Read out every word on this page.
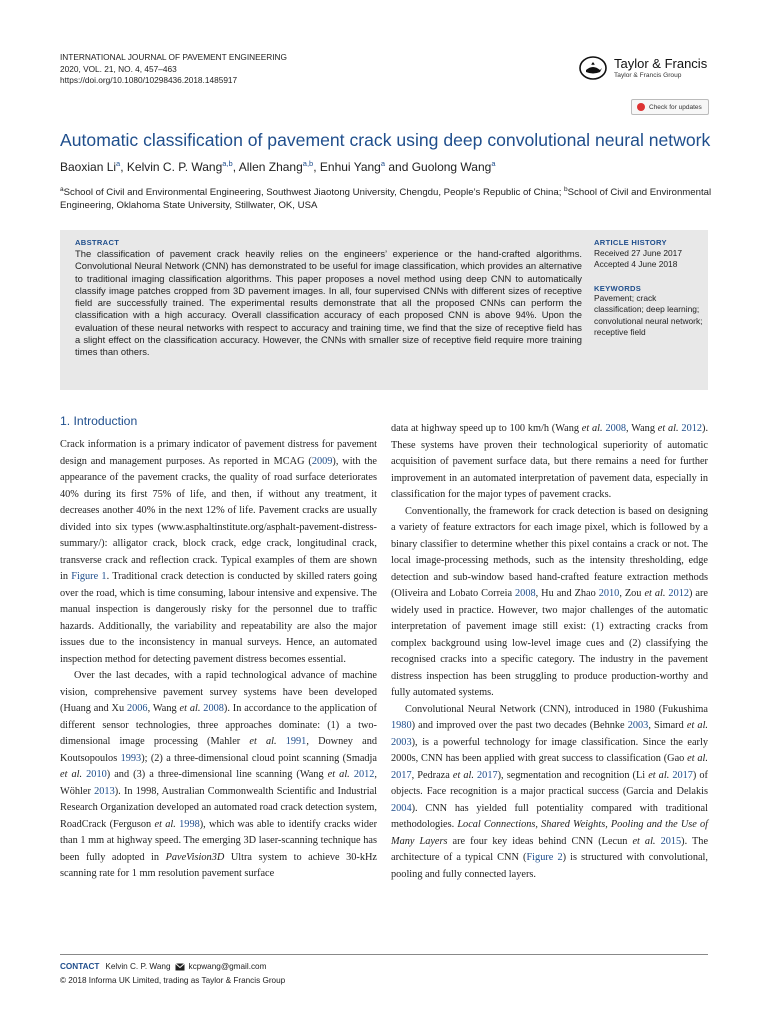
INTERNATIONAL JOURNAL OF PAVEMENT ENGINEERING
2020, VOL. 21, NO. 4, 457–463
https://doi.org/10.1080/10298436.2018.1485917
Taylor & Francis
Taylor & Francis Group
Check for updates
Automatic classification of pavement crack using deep convolutional neural network
Baoxian Li$^a$, Kelvin C. P. Wang$^{a,b}$, Allen Zhang$^{a,b}$, Enhui Yang$^a$ and Guolong Wang$^a$
$^a$School of Civil and Environmental Engineering, Southwest Jiaotong University, Chengdu, People’s Republic of China; $^b$School of Civil and Environmental Engineering, Oklahoma State University, Stillwater, OK, USA
ABSTRACT
The classification of pavement crack heavily relies on the engineers’ experience or the hand-crafted algorithms. Convolutional Neural Network (CNN) has demonstrated to be useful for image classification, which provides an alternative to traditional imaging classification algorithms. This paper proposes a novel method using deep CNN to automatically classify image patches cropped from 3D pavement images. In all, four supervised CNNs with different sizes of receptive field are successfully trained. The experimental results demonstrate that all the proposed CNNs can perform the classification with a high accuracy. Overall classification accuracy of each proposed CNN is above 94%. Upon the evaluation of these neural networks with respect to accuracy and training time, we find that the size of receptive field has a slight effect on the classification accuracy. However, the CNNs with smaller size of receptive field require more training times than others.
ARTICLE HISTORY
Received 27 June 2017
Accepted 4 June 2018
KEYWORDS
Pavement; crack classification; deep learning; convolutional neural network; receptive field
1. Introduction

Crack information is a primary indicator of pavement distress for pavement design and management purposes. As reported in MCAG (2009), with the appearance of the pavement cracks, the quality of road surface deteriorates 40% during its first 75% of life, and then, if without any treatment, it decreases another 40% in the next 12% of life. Pavement cracks are usually divided into six types (www.asphaltinstitute.org/asphalt-pavement-distress-summary/): alligator crack, block crack, edge crack, longitudinal crack, transverse crack and reflection crack. Typical examples of them are shown in Figure 1. Traditional crack detection is conducted by skilled raters going over the road, which is time consuming, labour intensive and expensive. The manual inspection is dangerously risky for the personnel due to traffic hazards. Additionally, the variability and repeatability are also the major issues due to the inconsistency in manual surveys. Hence, an automated inspection method for detecting pavement distress becomes essential.

Over the last decades, with a rapid technological advance of machine vision, comprehensive pavement survey systems have been developed (Huang and Xu 2006, Wang et al. 2008). In accordance to the application of different sensor technologies, three approaches dominate: (1) a two-dimensional image processing (Mahler et al. 1991, Downey and Koutsopoulos 1993); (2) a three-dimensional cloud point scanning (Smadja et al. 2010) and (3) a three-dimensional line scanning (Wang et al. 2012, Wöhler 2013). In 1998, Australian Commonwealth Scientific and Industrial Research Organization developed an automated road crack detection system, RoadCrack (Ferguson et al. 1998), which was able to identify cracks wider than 1 mm at highway speed. The emerging 3D laser-scanning technique has been fully adopted in PaveVision3D Ultra system to achieve 30-kHz scanning rate for 1 mm resolution pavement surface

data at highway speed up to 100 km/h (Wang et al. 2008, Wang et al. 2012). These systems have proven their technological superiority of automatic acquisition of pavement surface data, but there remains a need for further improvement in an automated interpretation of pavement data, especially in classification for the major types of pavement cracks.

Conventionally, the framework for crack detection is based on designing a variety of feature extractors for each image pixel, which is followed by a binary classifier to determine whether this pixel contains a crack or not. The local image-processing methods, such as the intensity thresholding, edge detection and sub-window based hand-crafted feature extraction methods (Oliveira and Lobato Correia 2008, Hu and Zhao 2010, Zou et al. 2012) are widely used in practice. However, two major challenges of the automatic interpretation of pavement image still exist: (1) extracting cracks from complex background using low-level image cues and (2) classifying the recognised cracks into a specific category. The industry in the pavement distress inspection has been struggling to produce production-worthy and fully automated systems.

Convolutional Neural Network (CNN), introduced in 1980 (Fukushima 1980) and improved over the past two decades (Behnke 2003, Simard et al. 2003), is a powerful technology for image classification. Since the early 2000s, CNN has been applied with great success to classification (Gao et al. 2017, Pedraza et al. 2017), segmentation and recognition (Li et al. 2017) of objects. Face recognition is a major practical success (Garcia and Delakis 2004). CNN has yielded full potentiality compared with traditional methodologies. Local Connections, Shared Weights, Pooling and the Use of Many Layers are four key ideas behind CNN (Lecun et al. 2015). The architecture of a typical CNN (Figure 2) is structured with convolutional, pooling and fully connected layers.

CONTACT Kelvin C. P. Wang kcpwang@gmail.com
© 2018 Informa UK Limited, trading as Taylor & Francis Group
